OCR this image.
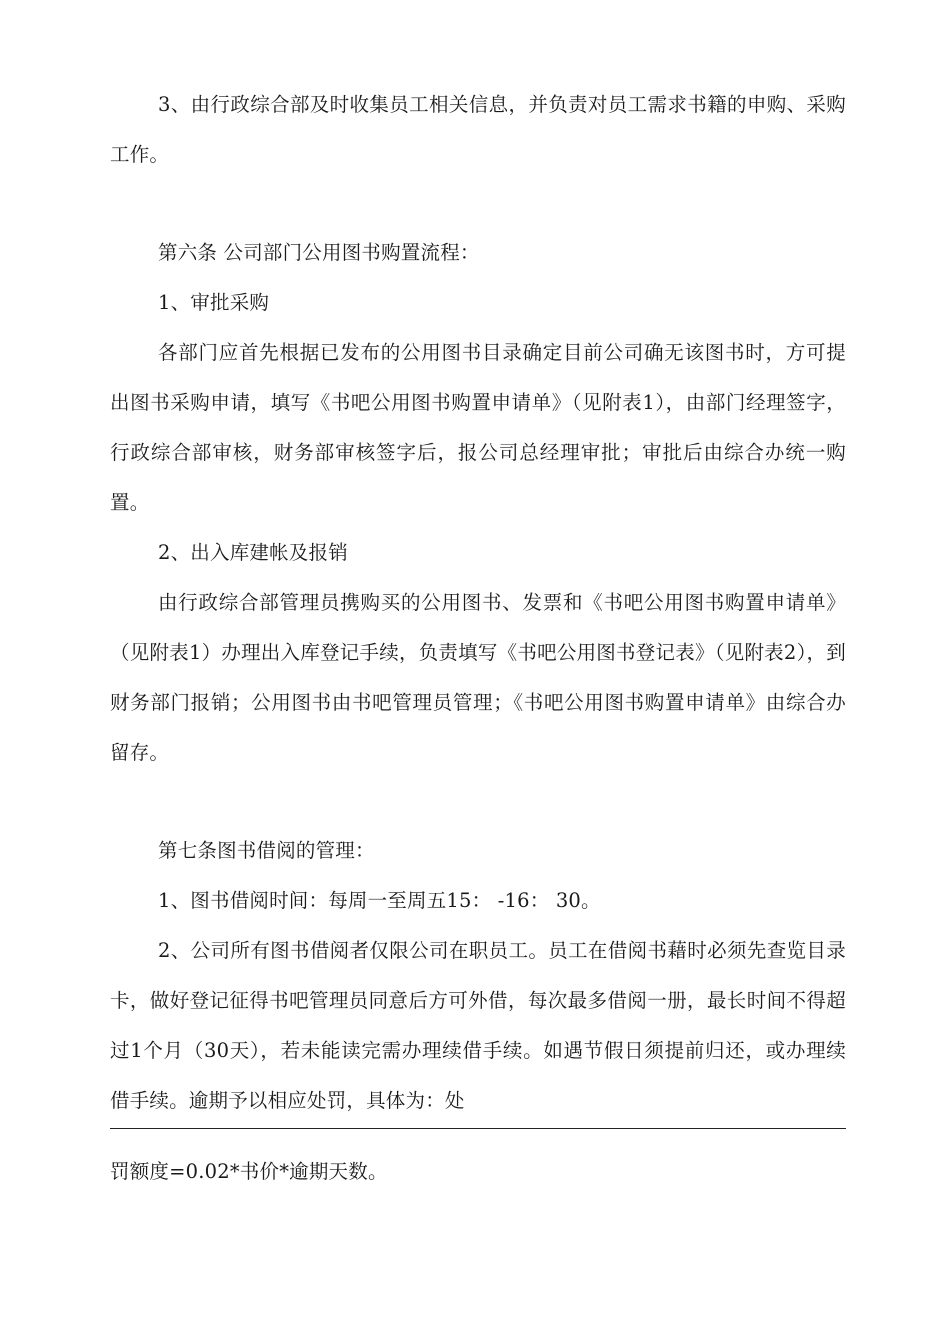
3、由行政综合部及时收集员工相关信息，并负责对员工需求书籍的申购、采购工作。

第六条 公司部门公用图书购置流程：

1、审批采购

各部门应首先根据已发布的公用图书目录确定目前公司确无该图书时，方可提出图书采购申请，填写《书吧公用图书购置申请单》（见附表1），由部门经理签字，行政综合部审核，财务部审核签字后，报公司总经理审批；审批后由综合办统一购置。

2、出入库建帐及报销

由行政综合部管理员携购买的公用图书、发票和《书吧公用图书购置申请单》（见附表1）办理出入库登记手续，负责填写《书吧公用图书登记表》（见附表2），到财务部门报销；公用图书由书吧管理员管理；《书吧公用图书购置申请单》由综合办留存。

第七条图书借阅的管理：

1、图书借阅时间：每周一至周五15： -16： 30。

2、公司所有图书借阅者仅限公司在职员工。员工在借阅书藉时必须先查览目录卡，做好登记征得书吧管理员同意后方可外借，每次最多借阅一册，最长时间不得超过1个月（30天），若未能读完需办理续借手续。如遇节假日须提前归还，或办理续借手续。逾期予以相应处罚，具体为：处

罚额度=0.02*书价*逾期天数。
